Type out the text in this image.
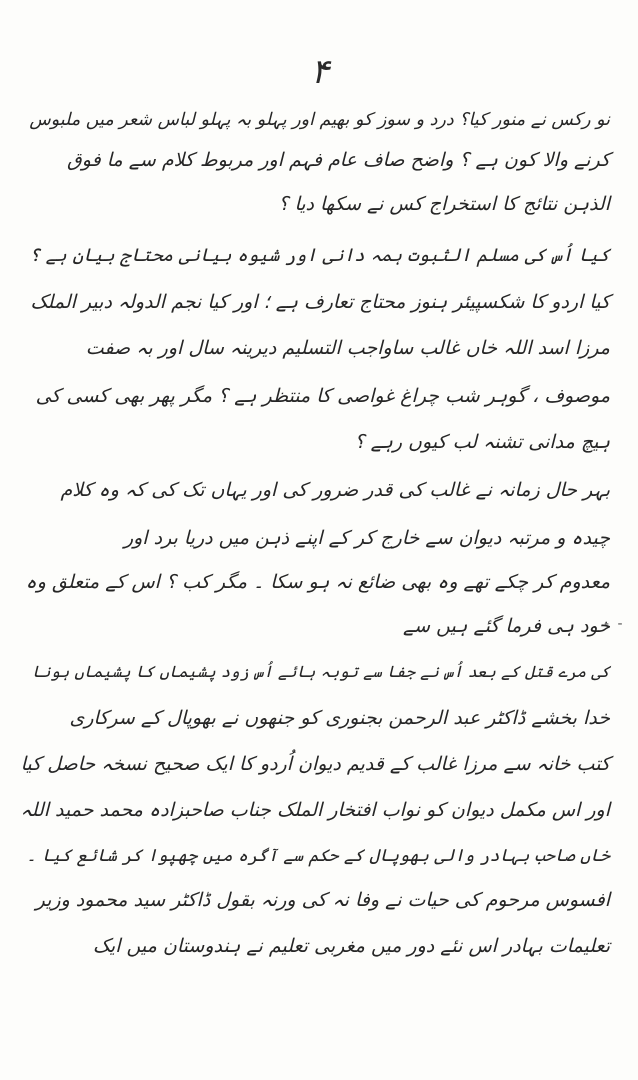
۴
نو رکس نے منور کیا؟ درد و سوز کو بھیم اور پہلو بہ پہلو لباس شعر میں ملبوس
کرنے والا کون ہے ؟ واضح صاف عام فہم اور مربوط کلام سے ما فوق
الذہن نتائج کا استخراج کس نے سکھا دیا ؟
کیا اُس کی مسلم الثبوت ہمہ دانی اور شیوہ بیانی محتاج بیان ہے ؟
کیا اردو کا شکسپیئر ہنوز محتاج تعارف ہے ؛ اور کیا نجم الدولہ دبیر الملک
مرزا اسد اللہ خاں غالب ساواجب التسلیم دیرینہ سال اور بہ صفت
موصوف ، گوہر شب چراغ غواصی کا منتظر ہے ؟ مگر پھر بھی کسی کی
ہیچ مدانی تشنہ لب کیوں رہے ؟
بہر حال زمانہ نے غالب کی قدر ضرور کی اور یہاں تک کی کہ وہ کلام
چیدہ و مرتبہ دیوان سے خارج کر کے اپنے ذہن میں دریا برد اور
معدوم کر چکے تھے وہ بھی ضائع نہ ہو سکا ۔ مگر کب ؟ اس کے متعلق وہ
خود ہی فرما گئے ہیں سے
کی مرے قتل کے بعد اُس نے جفا سے توبہ ہائے اُس زود پشیماں کا پشیماں ہونا
خدا بخشے ڈاکٹر عبد الرحمن بجنوری کو جنھوں نے بھوپال کے سرکاری
کتب خانہ سے مرزا غالب کے قدیم دیوان اُردو کا ایک صحیح نسخہ حاصل کیا
اور اس مکمل دیوان کو نواب افتخار الملک جناب صاحبزادہ محمد حمید اللہ
خاں صاحب بہادر والی بھوپال کے حکم سے آگرہ میں چھپوا کر شائع کیا ۔
افسوس مرحوم کی حیات نے وفا نہ کی ورنہ بقول ڈاکٹر سید محمود وزیر
تعلیمات بہادر اس نئے دور میں مغربی تعلیم نے ہندوستان میں ایک
- -
